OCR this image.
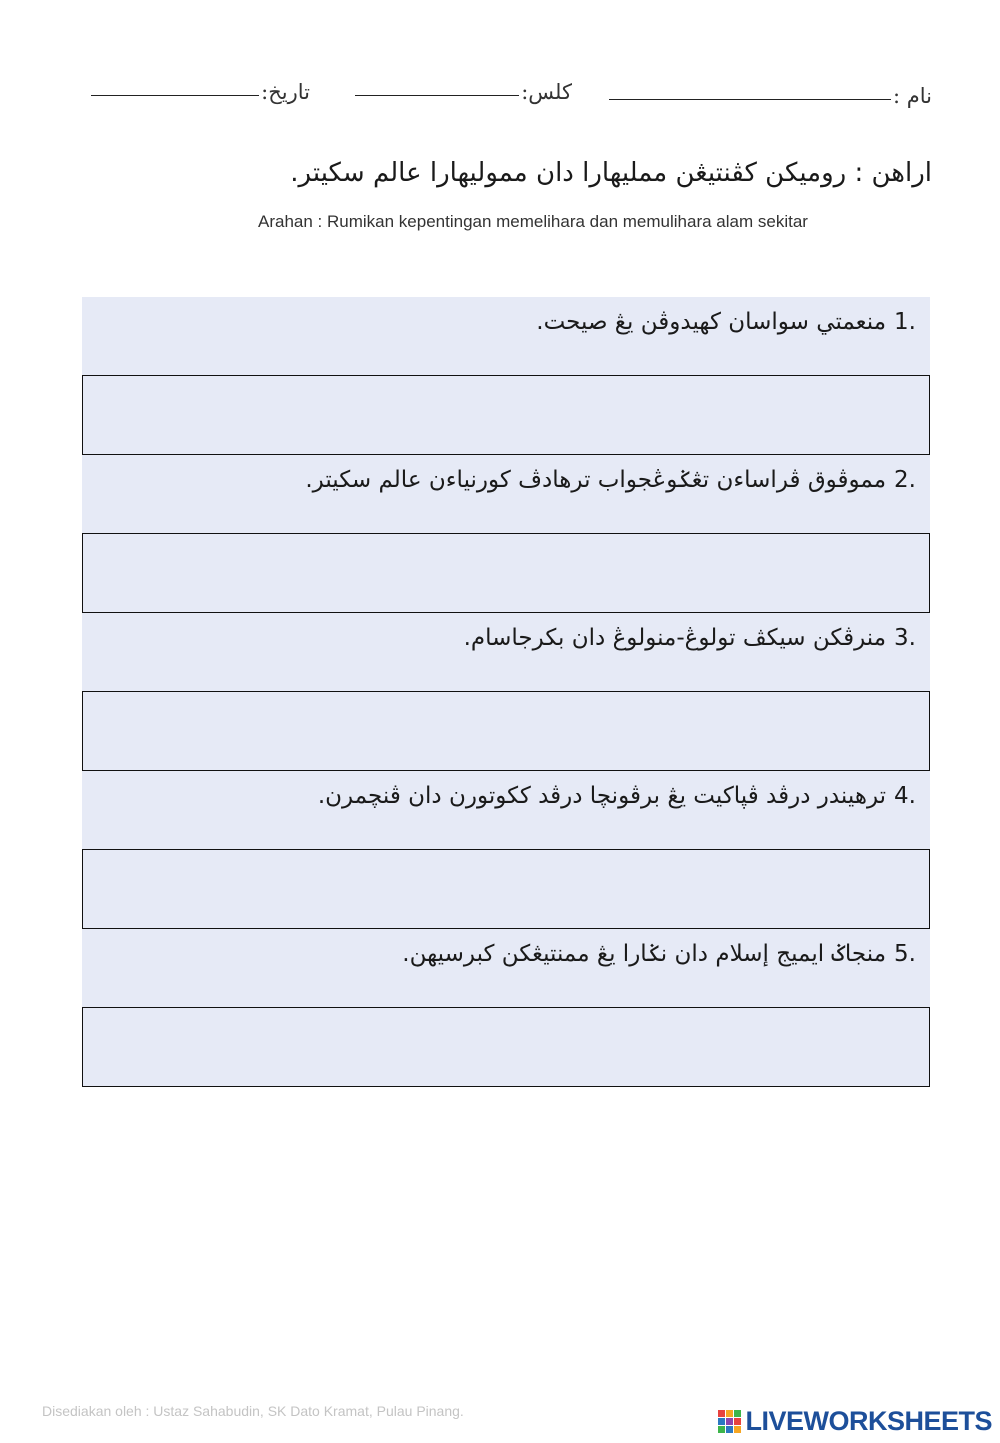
نام :
کلس:
تاريخ:
اراهن : روميکن کڤنتيڠن مملیهارا دان مموليهارا عالم سکيتر.
Arahan : Rumikan kepentingan memelihara dan memulihara alam sekitar
1.منعمتي سواسان کهيدوڤن يڠ صيحت.
2.مموڤوق ڤراساءن تڠݢوڠجواب ترهادڤ کورنياءن عالم سکيتر.
3.منرڤکن سيکڤ تولوڠ-منولوڠ دان بکرجاسام.
4.ترهيندر درڤد ڤڽاکيت يڠ برڤونچا درڤد ککوتورن دان ڤنچمرن.
5.منجاݢ ايميج إسلام دان نݢارا يڠ ممنتيڠکن کبرسيهن.
Disediakan oleh : Ustaz Sahabudin, SK Dato Kramat, Pulau Pinang.	LIVEWORKSHEETS
